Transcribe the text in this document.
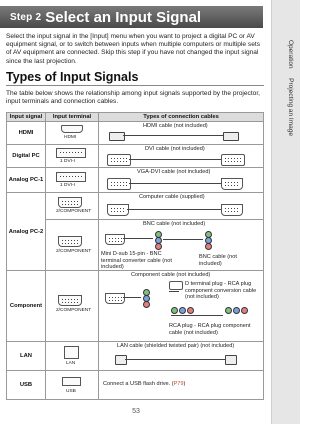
Step 2 Select an Input Signal
Operation    Projecting an Image
Select the input signal in the [Input] menu when you want to project a digital PC or AV equipment signal, or to switch between inputs when multiple computers or multiple sets of AV equipment are connected. Skip this step if you have not changed the input signal since the last projection.
Types of Input Signals
The table below shows the relationship among input signals supported by the projector, input terminals and connection cables.
Input signal	Input terminal	Types of connection cables
HDMI	HDMI	HDMI cable (not included)

Digital PC	1 DVI-I	DVI cable (not included)

Analog PC-1	1 DVI-I	VGA-DVI cable (not included)

Analog PC-2	2/COMPONENT	Computer cable (supplied)

	2/COMPONENT	BNC cable (not included)
Mini D-sub 15-pin - BNC terminal converter cable (not included)
BNC cable (not included)

Component	2/COMPONENT	Component cable (not included)
D terminal plug - RCA plug component conversion cable (not included)
RCA plug - RCA plug component cable (not included)

LAN	LAN	LAN cable (shielded twisted pair) (not included)

USB	USB	Connect a USB flash drive. (P79)
53
